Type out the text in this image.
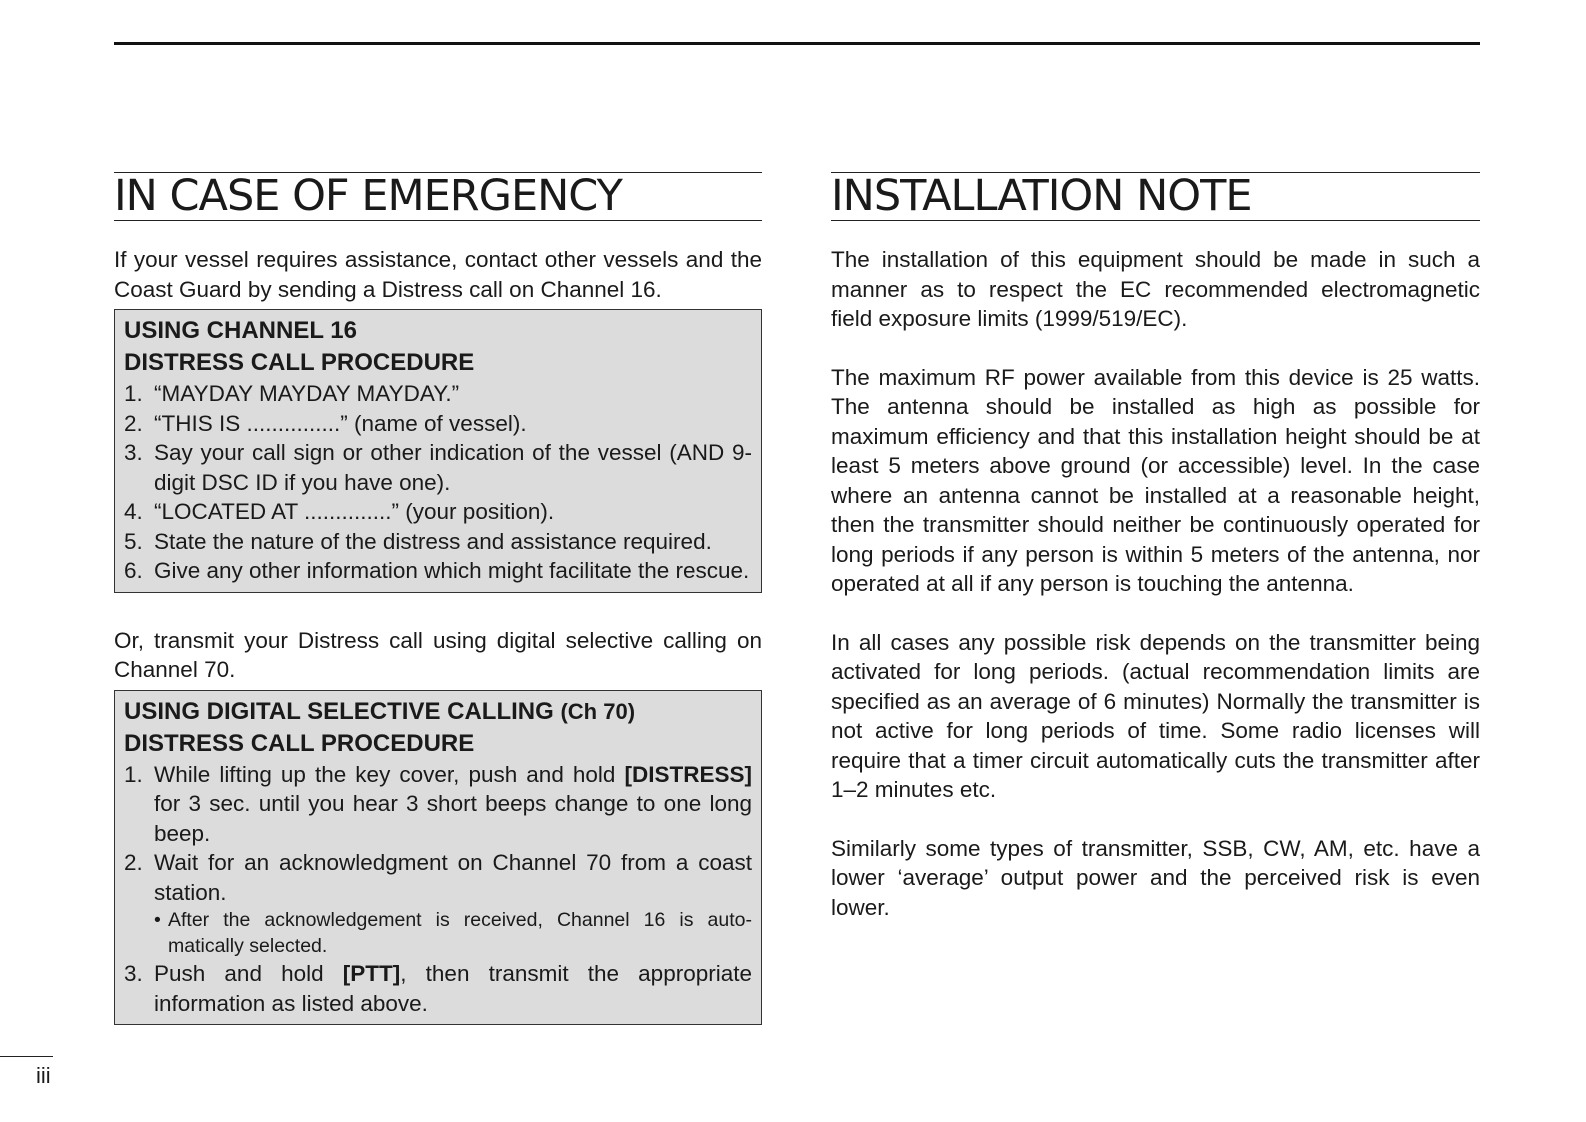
IN CASE OF EMERGENCY

If your vessel requires assistance, contact other vessels and the Coast Guard by sending a Distress call on Channel 16.

USING CHANNEL 16
DISTRESS CALL PROCEDURE
1. “MAYDAY MAYDAY MAYDAY.”
2. “THIS IS ...............” (name of vessel).
3. Say your call sign or other indication of the vessel (AND 9-digit DSC ID if you have one).
4. “LOCATED AT ..............” (your position).
5. State the nature of the distress and assistance required.
6. Give any other information which might facilitate the rescue.

Or, transmit your Distress call using digital selective calling on Channel 70.

USING DIGITAL SELECTIVE CALLING (Ch 70)
DISTRESS CALL PROCEDURE
1. While lifting up the key cover, push and hold [DISTRESS] for 3 sec. until you hear 3 short beeps change to one long beep.
2. Wait for an acknowledgment on Channel 70 from a coast station.
• After the acknowledgement is received, Channel 16 is automatically selected.
3. Push and hold [PTT], then transmit the appropriate information as listed above.
INSTALLATION NOTE

The installation of this equipment should be made in such a manner as to respect the EC recommended electromagnetic field exposure limits (1999/519/EC).

The maximum RF power available from this device is 25 watts. The antenna should be installed as high as possible for maximum efficiency and that this installation height should be at least 5 meters above ground (or accessible) level. In the case where an antenna cannot be installed at a reasonable height, then the transmitter should neither be continuously operated for long periods if any person is within 5 meters of the antenna, nor operated at all if any person is touching the antenna.

In all cases any possible risk depends on the transmitter being activated for long periods. (actual recommendation limits are specified as an average of 6 minutes) Normally the transmitter is not active for long periods of time. Some radio licenses will require that a timer circuit automatically cuts the transmitter after 1–2 minutes etc.

Similarly some types of transmitter, SSB, CW, AM, etc. have a lower ‘average’ output power and the perceived risk is even lower.

iii
